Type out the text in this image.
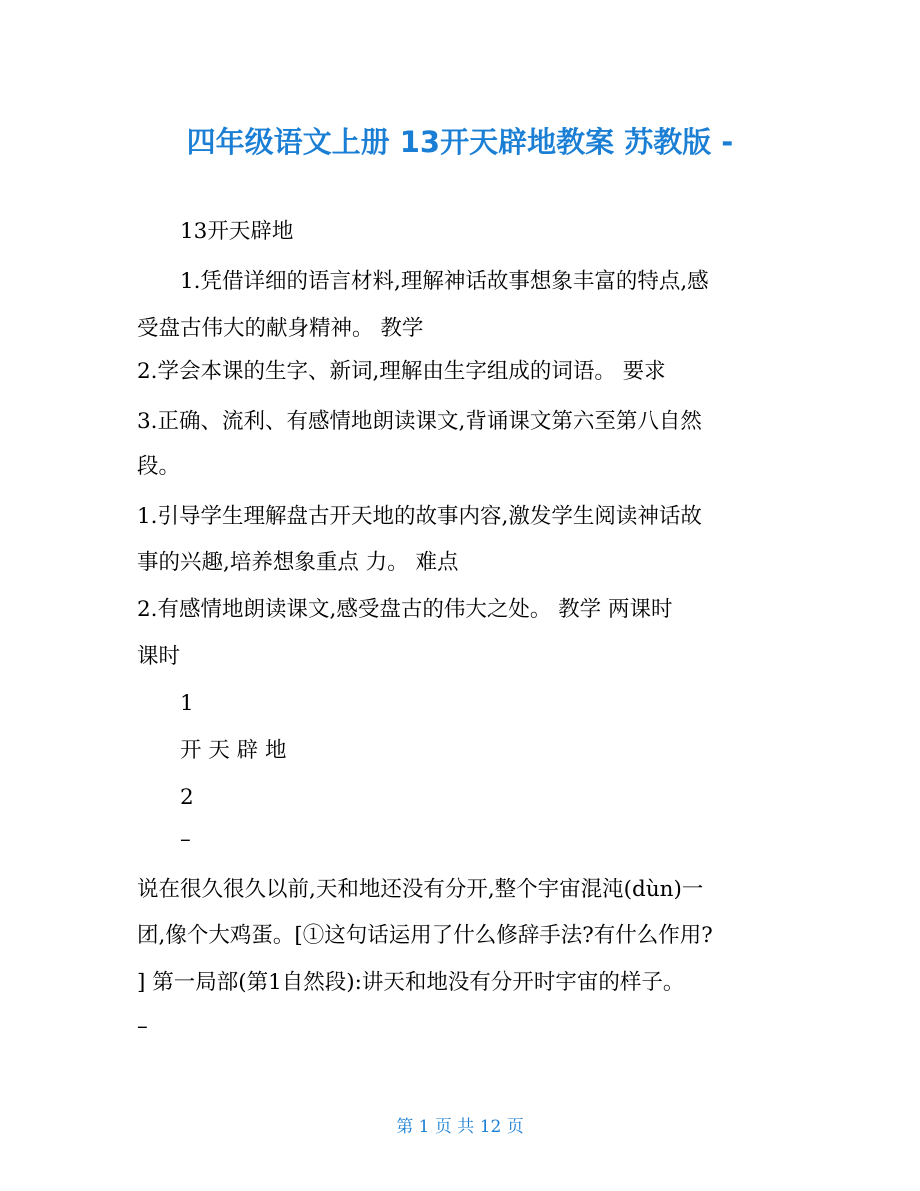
四年级语文上册 13开天辟地教案 苏教版 -
13开天辟地
1.凭借详细的语言材料,理解神话故事想象丰富的特点,感
受盘古伟大的献身精神。 教学
2.学会本课的生字、新词,理解由生字组成的词语。 要求
3.正确、流利、有感情地朗读课文,背诵课文第六至第八自然
段。
1.引导学生理解盘古开天地的故事内容,激发学生阅读神话故
事的兴趣,培养想象重点 力。 难点
2.有感情地朗读课文,感受盘古的伟大之处。 教学 两课时
课时
1
开 天 辟 地
2
–
说在很久很久以前,天和地还没有分开,整个宇宙混沌(dùn)一
团,像个大鸡蛋。[①这句话运用了什么修辞手法?有什么作用?
] 第一局部(第1自然段):讲天和地没有分开时宇宙的样子。
–
第 1 页 共 12 页
